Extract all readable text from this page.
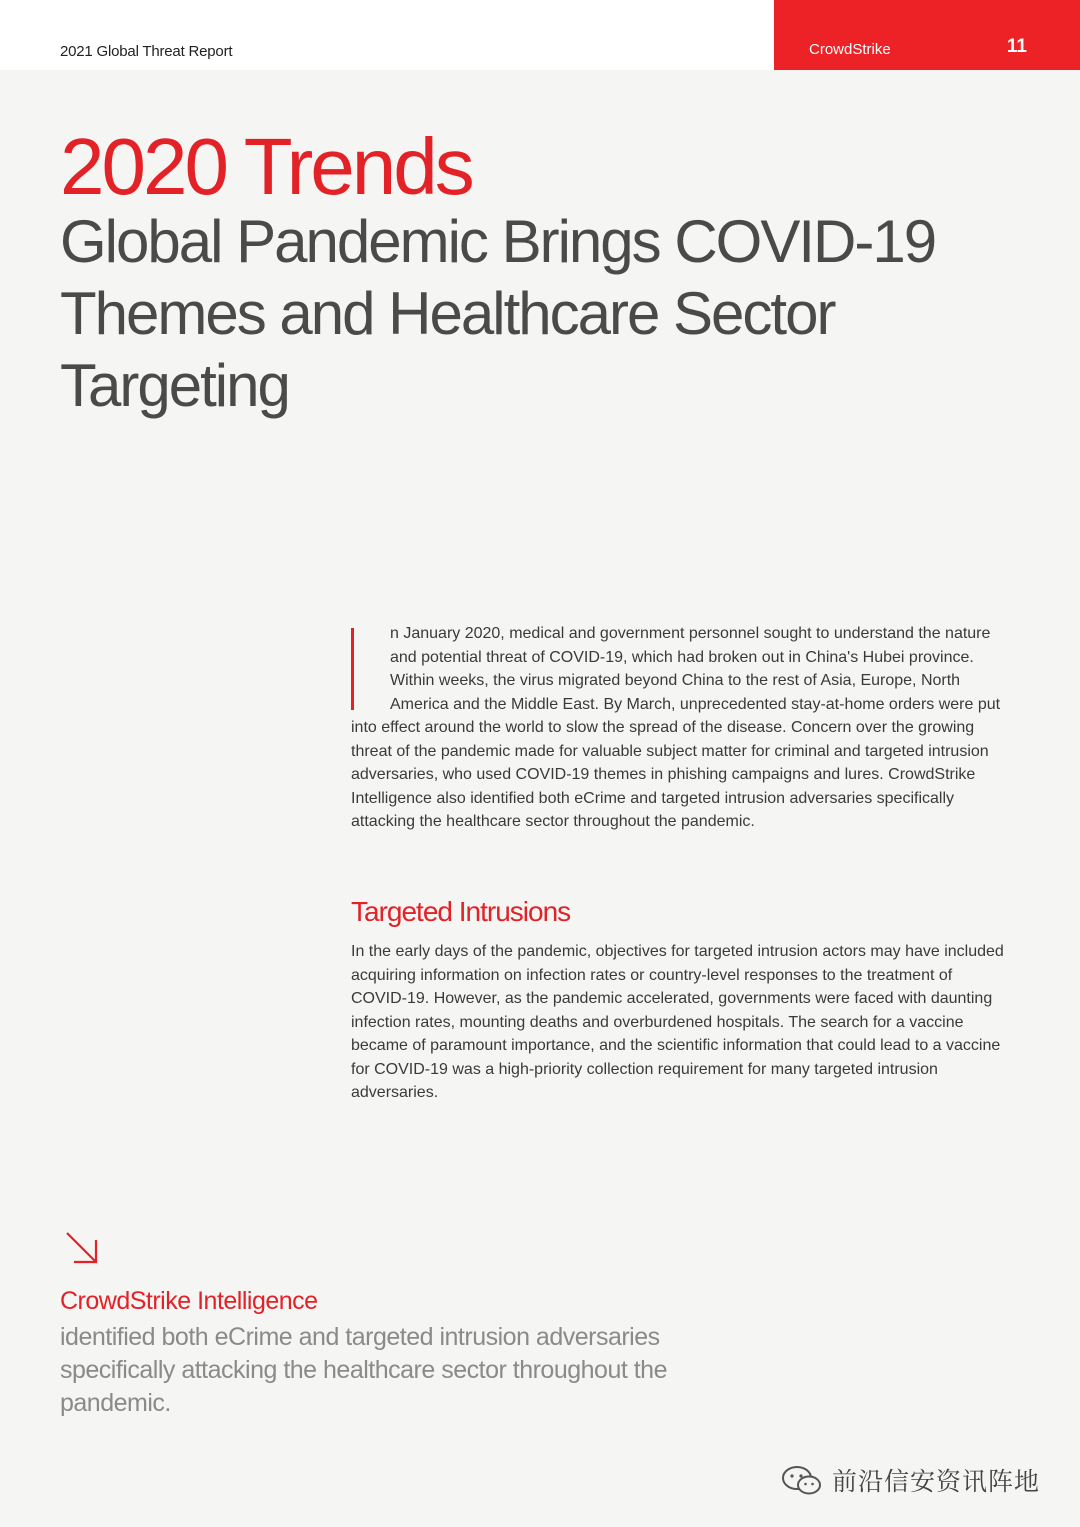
2021 Global Threat Report	CrowdStrike	11
2020 Trends
Global Pandemic Brings COVID-19 Themes and Healthcare Sector Targeting
n January 2020, medical and government personnel sought to understand the nature and potential threat of COVID-19, which had broken out in China's Hubei province. Within weeks, the virus migrated beyond China to the rest of Asia, Europe, North America and the Middle East. By March, unprecedented stay-at-home orders were put into effect around the world to slow the spread of the disease. Concern over the growing threat of the pandemic made for valuable subject matter for criminal and targeted intrusion adversaries, who used COVID-19 themes in phishing campaigns and lures. CrowdStrike Intelligence also identified both eCrime and targeted intrusion adversaries specifically attacking the healthcare sector throughout the pandemic.
Targeted Intrusions

In the early days of the pandemic, objectives for targeted intrusion actors may have included acquiring information on infection rates or country-level responses to the treatment of COVID-19. However, as the pandemic accelerated, governments were faced with daunting infection rates, mounting deaths and overburdened hospitals. The search for a vaccine became of paramount importance, and the scientific information that could lead to a vaccine for COVID-19 was a high-priority collection requirement for many targeted intrusion adversaries.

CrowdStrike Intelligence

identified both eCrime and targeted intrusion adversaries specifically attacking the healthcare sector throughout the pandemic.

前沿信安资讯阵地
